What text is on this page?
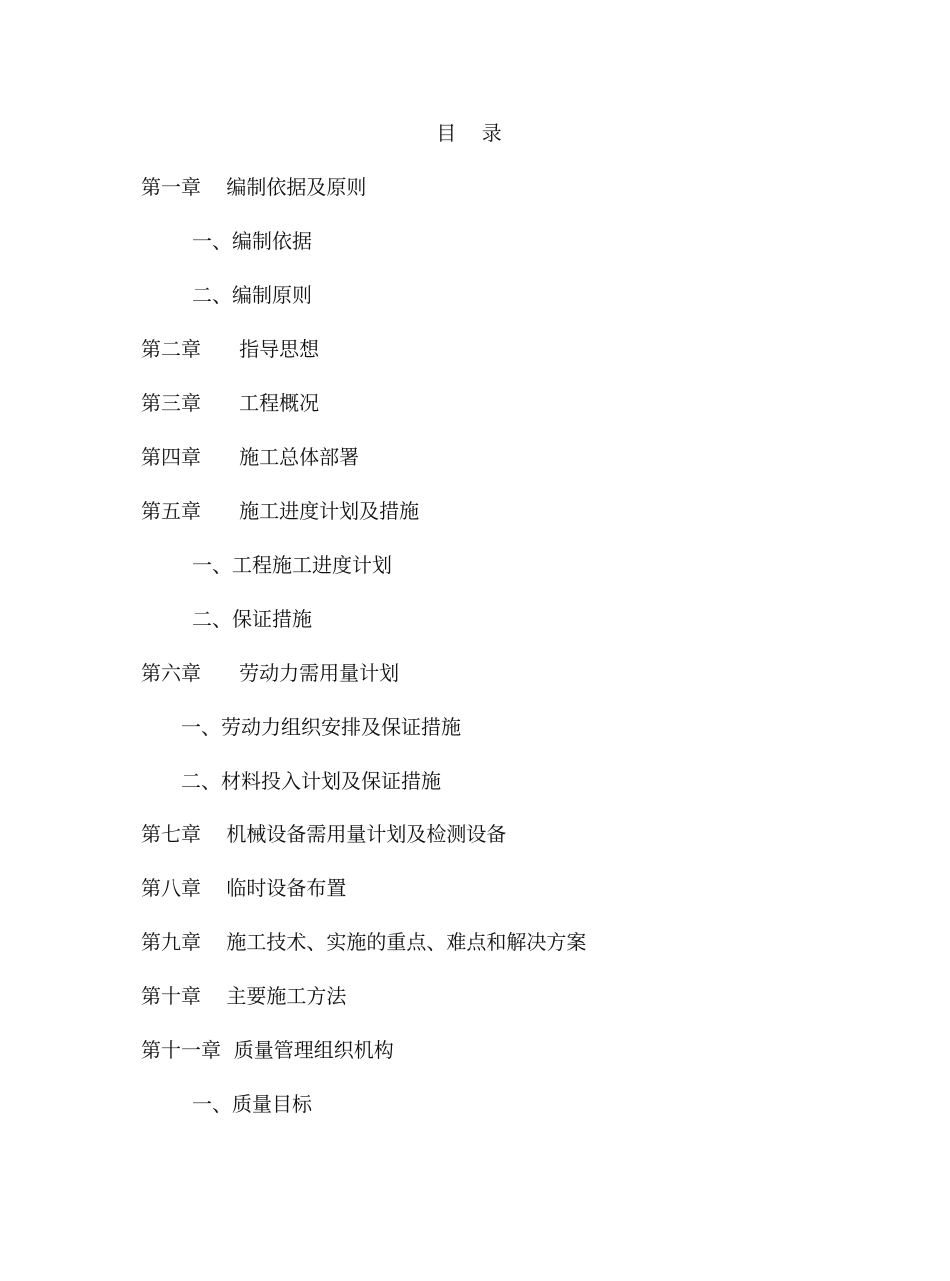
目    录
第一章    编制依据及原则
一、编制依据
二、编制原则
第二章      指导思想
第三章      工程概况
第四章      施工总体部署
第五章      施工进度计划及措施
一、工程施工进度计划
二、保证措施
第六章      劳动力需用量计划
一、劳动力组织安排及保证措施
二、材料投入计划及保证措施
第七章    机械设备需用量计划及检测设备
第八章    临时设备布置
第九章    施工技术、实施的重点、难点和解决方案
第十章    主要施工方法
第十一章  质量管理组织机构
一、质量目标
